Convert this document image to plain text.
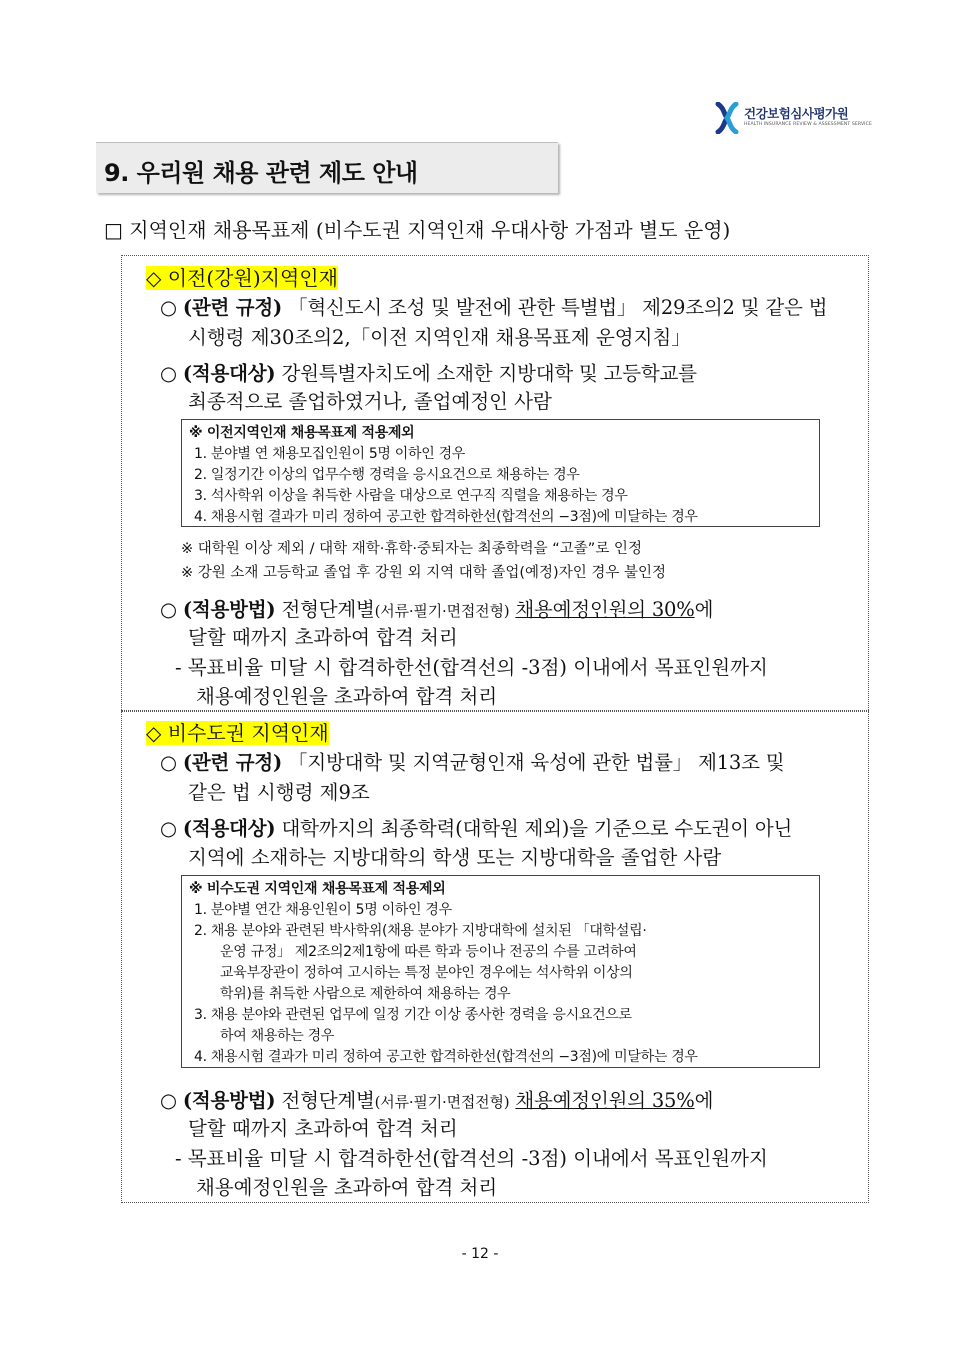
건강보험심사평가원
HEALTH INSURANCE REVIEW & ASSESSMENT SERVICE
9. 우리원 채용 관련 제도 안내
□ 지역인재 채용목표제 (비수도권 지역인재 우대사항 가점과 별도 운영)
◇ 이전(강원)지역인재
○ (관련 규정) 「혁신도시 조성 및 발전에 관한 특별법」 제29조의2 및 같은 법
시행령 제30조의2,「이전 지역인재 채용목표제 운영지침」
○ (적용대상) 강원특별자치도에 소재한 지방대학 및 고등학교를
최종적으로 졸업하였거나, 졸업예정인 사람
※ 이전지역인재 채용목표제 적용제외
1. 분야별 연 채용모집인원이 5명 이하인 경우
2. 일정기간 이상의 업무수행 경력을 응시요건으로 채용하는 경우
3. 석사학위 이상을 취득한 사람을 대상으로 연구직 직렬을 채용하는 경우
4. 채용시험 결과가 미리 정하여 공고한 합격하한선(합격선의 −3점)에 미달하는 경우
※ 대학원 이상 제외 / 대학 재학·휴학·중퇴자는 최종학력을 “고졸”로 인정
※ 강원 소재 고등학교 졸업 후 강원 외 지역 대학 졸업(예정)자인 경우 불인정
○ (적용방법) 전형단계별(서류·필기·면접전형) 채용예정인원의 30%에
달할 때까지 초과하여 합격 처리
- 목표비율 미달 시 합격하한선(합격선의 -3점) 이내에서 목표인원까지
채용예정인원을 초과하여 합격 처리
◇ 비수도권 지역인재
○ (관련 규정) 「지방대학 및 지역균형인재 육성에 관한 법률」 제13조 및
같은 법 시행령 제9조
○ (적용대상) 대학까지의 최종학력(대학원 제외)을 기준으로 수도권이 아닌
지역에 소재하는 지방대학의 학생 또는 지방대학을 졸업한 사람
※ 비수도권 지역인재 채용목표제 적용제외
1. 분야별 연간 채용인원이 5명 이하인 경우
2. 채용 분야와 관련된 박사학위(채용 분야가 지방대학에 설치된 「대학설립·
운영 규정」 제2조의2제1항에 따른 학과 등이나 전공의 수를 고려하여
교육부장관이 정하여 고시하는 특정 분야인 경우에는 석사학위 이상의
학위)를 취득한 사람으로 제한하여 채용하는 경우
3. 채용 분야와 관련된 업무에 일정 기간 이상 종사한 경력을 응시요건으로
하여 채용하는 경우
4. 채용시험 결과가 미리 정하여 공고한 합격하한선(합격선의 −3점)에 미달하는 경우
○ (적용방법) 전형단계별(서류·필기·면접전형) 채용예정인원의 35%에
달할 때까지 초과하여 합격 처리
- 목표비율 미달 시 합격하한선(합격선의 -3점) 이내에서 목표인원까지
채용예정인원을 초과하여 합격 처리
- 12 -
